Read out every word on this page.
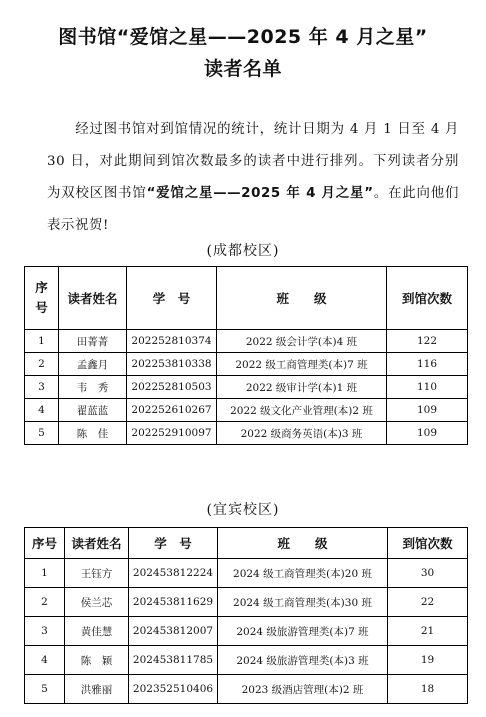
图书馆“爱馆之星——2025 年 4 月之星”
读者名单
经过图书馆对到馆情况的统计，统计日期为 4 月 1 日至 4 月 30 日，对此期间到馆次数最多的读者中进行排列。下列读者分别为双校区图书馆“爱馆之星——2025 年 4 月之星”。在此向他们表示祝贺!
(成都校区)
序号	读者姓名	学　号	班　　级	到馆次数
1	田菁菁	202252810374	2022 级会计学(本)4 班	122
2	孟鑫月	202253810338	2022 级工商管理类(本)7 班	116
3	韦　秀	202252810503	2022 级审计学(本)1 班	110
4	翟蓝蓝	202252610267	2022 级文化产业管理(本)2 班	109
5	陈　佳	202252910097	2022 级商务英语(本)3 班	109
(宜宾校区)
序号	读者姓名	学　号	班　　级	到馆次数
1	王钰方	202453812224	2024 级工商管理类(本)20 班	30
2	侯兰芯	202453811629	2024 级工商管理类(本)30 班	22
3	黄佳慧	202453812007	2024 级旅游管理类(本)7 班	21
4	陈　颖	202453811785	2024 级旅游管理类(本)3 班	19
5	洪雅丽	202352510406	2023 级酒店管理(本)2 班	18
